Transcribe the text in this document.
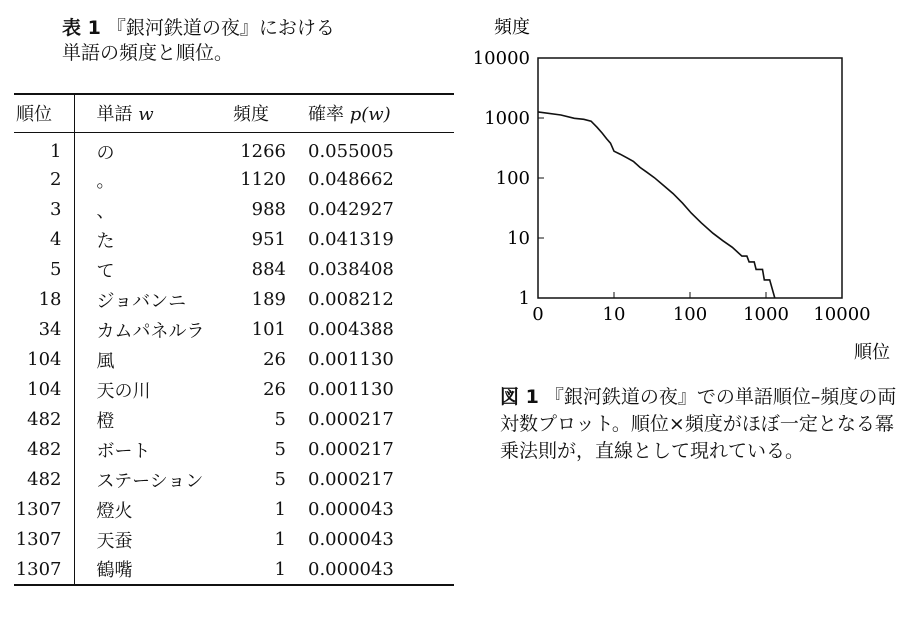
表 1 『銀河鉄道の夜』における
単語の頻度と順位。
順位	単語 w	頻度	確率 p(w)
1	の	1266	0.055005
2	。	1120	0.048662
3	、	988	0.042927
4	た	951	0.041319
5	て	884	0.038408
18	ジョバンニ	189	0.008212
34	カムパネルラ	101	0.004388
104	風	26	0.001130
104	天の川	26	0.001130
482	橙	5	0.000217
482	ボート	5	0.000217
482	ステーション	5	0.000217
1307	燈火	1	0.000043
1307	天蚕	1	0.000043
1307	鶴嘴	1	0.000043
頻度
順位
0	10	100 1000 10000
1
10
100
1000
10000
図 1 『銀河鉄道の夜』での単語順位–頻度の両対数プロット。順位×頻度がほぼ一定となる冪乗法則が，直線として現れている。
